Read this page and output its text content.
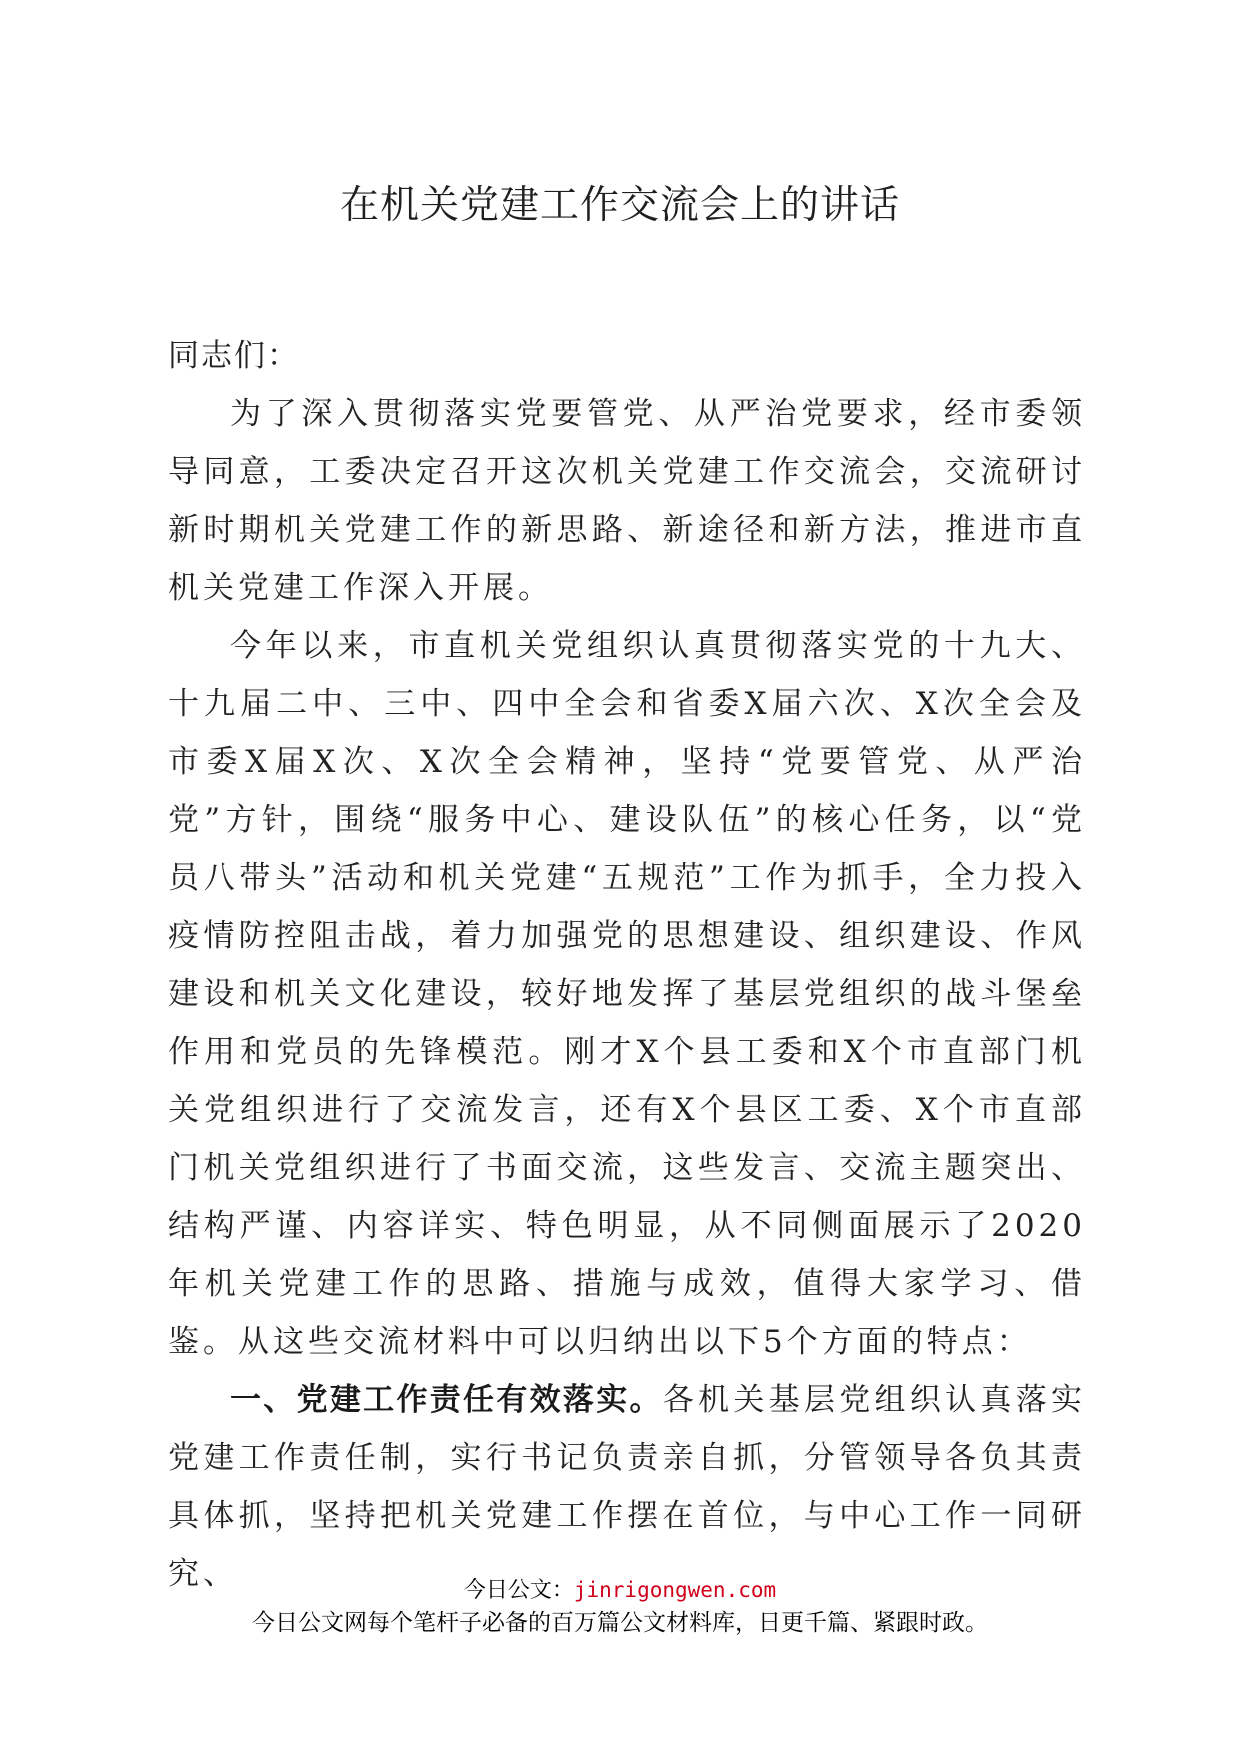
在机关党建工作交流会上的讲话

同志们：

为了深入贯彻落实党要管党、从严治党要求，经市委领导同意，工委决定召开这次机关党建工作交流会，交流研讨新时期机关党建工作的新思路、新途径和新方法，推进市直机关党建工作深入开展。

今年以来，市直机关党组织认真贯彻落实党的十九大、十九届二中、三中、四中全会和省委X届六次、X次全会及市委X届X次、X次全会精神，坚持“党要管党、从严治党”方针，围绕“服务中心、建设队伍”的核心任务，以“党员八带头”活动和机关党建“五规范”工作为抓手，全力投入疫情防控阻击战，着力加强党的思想建设、组织建设、作风建设和机关文化建设，较好地发挥了基层党组织的战斗堡垒作用和党员的先锋模范。刚才X个县工委和X个市直部门机关党组织进行了交流发言，还有X个县区工委、X个市直部门机关党组织进行了书面交流，这些发言、交流主题突出、结构严谨、内容详实、特色明显，从不同侧面展示了2020年机关党建工作的思路、措施与成效，值得大家学习、借鉴。从这些交流材料中可以归纳出以下5个方面的特点：

一、党建工作责任有效落实。各机关基层党组织认真落实党建工作责任制，实行书记负责亲自抓，分管领导各负其责具体抓，坚持把机关党建工作摆在首位，与中心工作一同研究、	今日公文：jinrigongwen.com
今日公文网每个笔杆子必备的百万篇公文材料库，日更千篇、紧跟时政。
